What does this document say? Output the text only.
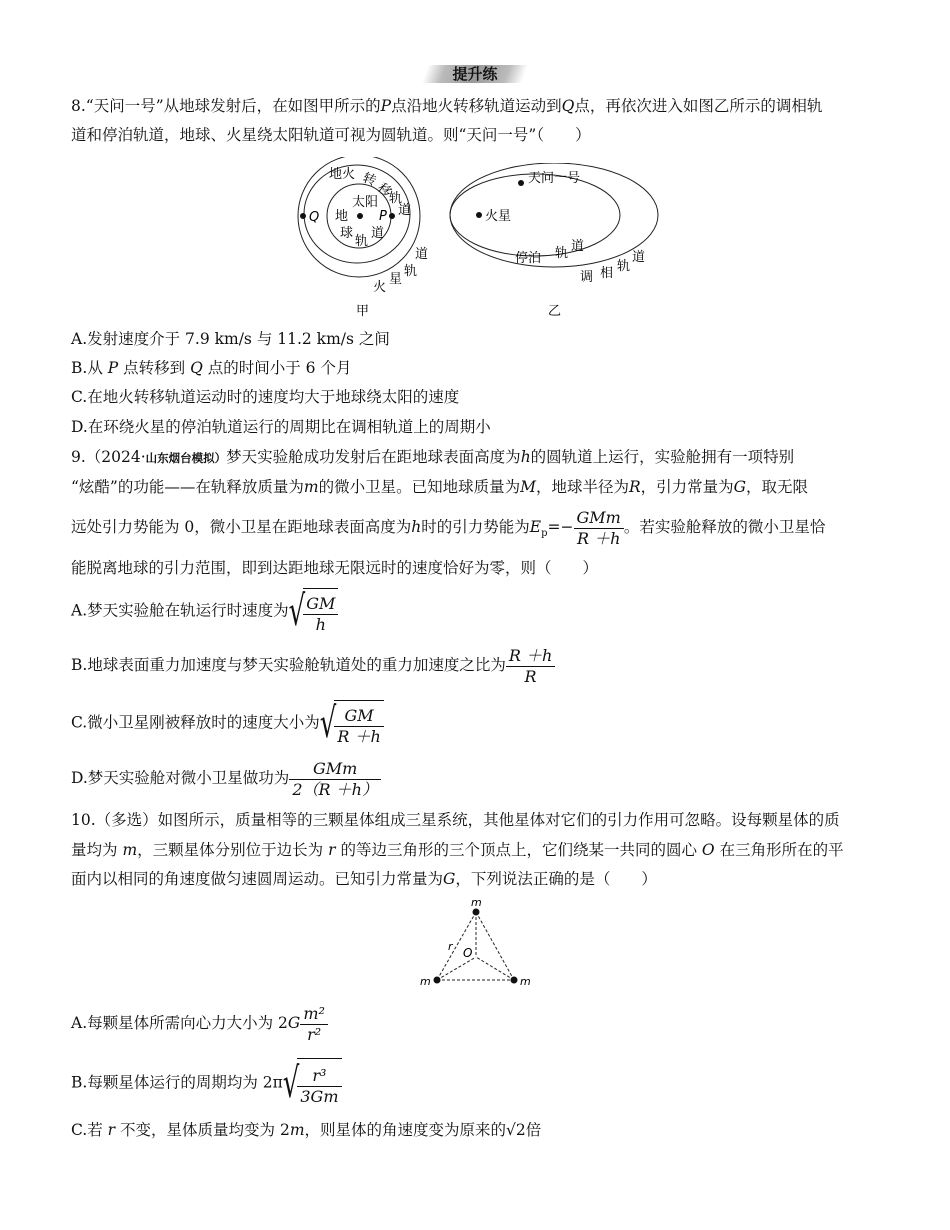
提升练
8.“天问一号”从地球发射后，在如图甲所示的P点沿地火转移轨道运动到Q点，再依次进入如图乙所示的调相轨
道和停泊轨道，地球、火星绕太阳轨道可视为圆轨道。则“天问一号”（　　）
Q	P
太阳
地火 转
移
轨
道
地
球
轨
道
道
轨
星
火
甲
火星
天问一号
停泊 轨 道
调 相 轨
道
乙
A.发射速度介于 7.9 km/s 与 11.2 km/s 之间
B.从 P 点转移到 Q 点的时间小于 6 个月
C.在地火转移轨道运动时的速度均大于地球绕太阳的速度
D.在环绕火星的停泊轨道运行的周期比在调相轨道上的周期小
9.（2024·山东烟台模拟）梦天实验舱成功发射后在距地球表面高度为h的圆轨道上运行，实验舱拥有一项特别
“炫酷”的功能——在轨释放质量为m的微小卫星。已知地球质量为M，地球半径为R，引力常量为G，取无限
远处引力势能为 0，微小卫星在距地球表面高度为h时的引力势能为$E_p=- \frac{\text{GMm}}{R +h}$ 。若实验舱释放的微小卫星恰
能脱离地球的引力范围，即到达距地球无限远时的速度恰好为零，则（　　）
A.梦天实验舱在轨运行时速度为√
$\frac{GM}{h}$
B.地球表面重力加速度与梦天实验舱轨道处的重力加速度之比为 $\frac{R +h}{R}$
C.微小卫星刚被释放时的速度大小为√
$\frac{GM}{R +h}$
D.梦天实验舱对微小卫星做功为 $\frac{\text{GMm}}{2(R +h)}$
10.（多选）如图所示，质量相等的三颗星体组成三星系统，其他星体对它们的引力作用可忽略。设每颗星体的质
量均为 m，三颗星体分别位于边长为 r 的等边三角形的三个顶点上，它们绕某一共同的圆心 O 在三角形所在的平
面内以相同的角速度做匀速圆周运动。已知引力常量为G，下列说法正确的是（　　）
m
m	m
r O
A.每颗星体所需向心力大小为 $2G \frac{\text{m²}}{\text{r²}}$
B.每颗星体运行的周期均为 2π√
$\frac{\text{r³}}{3Gm}$
C.若 r 不变，星体质量均变为 2m，则星体的角速度变为原来的√2倍
